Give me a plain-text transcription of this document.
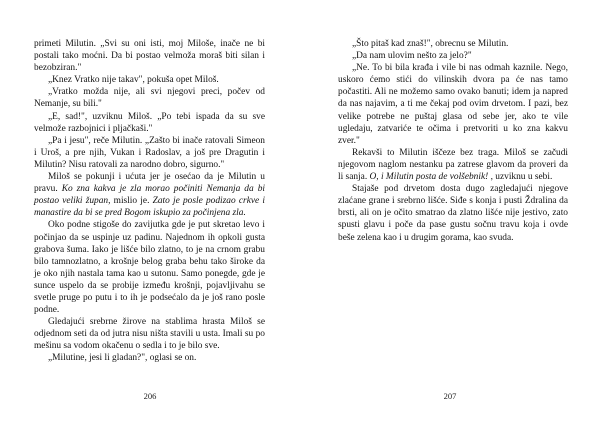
primeti Milutin. „Svi su oni isti, moj Miloše, inače ne bi postali tako moćni. Da bi postao velmoža moraš biti silan i bezobziran."

„Knez Vratko nije takav", pokuša opet Miloš.

„Vratko možda nije, ali svi njegovi preci, počev od Nemanje, su bili."

„E, sad!", uzviknu Miloš. „Po tebi ispada da su sve velmože razbojnici i pljačkaši."

„Pa i jesu", reče Milutin. „Zašto bi inače ratovali Simeon i Uroš, a pre njih, Vukan i Radoslav, a još pre Dragutin i Milutin? Nisu ratovali za narodno dobro, sigurno."

Miloš se pokunji i ućuta jer je osećao da je Milutin u pravu. Ko zna kakva je zla morao počiniti Nemanja da bi postao veliki župan, mislio je. Zato je posle podizao crkve i manastire da bi se pred Bogom iskupio za počinjena zla.

Oko podne stigoše do zavijutka gde je put skretao levo i počinjao da se uspinje uz padinu. Najednom ih opkoli gusta grabova šuma. Iako je lišće bilo zlatno, to je na crnom grabu bilo tamnozlatno, a krošnje belog graba behu tako široke da je oko njih nastala tama kao u sutonu. Samo ponegde, gde je sunce uspelo da se probije između krošnji, pojavljivahu se svetle pruge po putu i to ih je podsećalo da je još rano posle podne.

Gledajući srebrne žirove na stablima hrasta Miloš se odjednom seti da od jutra nisu ništa stavili u usta. Imali su po mešinu sa vodom okačenu o sedla i to je bilo sve.

„Milutine, jesi li gladan?", oglasi se on.

206

„Što pitaš kad znaš!", obrecnu se Milutin.

„Da nam ulovim nešto za jelo?"

„Ne. To bi bila krađa i vile bi nas odmah kaznile. Nego, uskoro ćemo stići do vilinskih dvora pa će nas tamo počastiti. Ali ne možemo samo ovako banuti; idem ja napred da nas najavim, a ti me čekaj pod ovim drvetom. I pazi, bez velike potrebe ne puštaj glasa od sebe jer, ako te vile ugledaju, zatvariće te očima i pretvoriti u ko zna kakvu zver."

Rekavši to Milutin iščeze bez traga. Miloš se začudi njegovom naglom nestanku pa zatrese glavom da proveri da li sanja. O, i Milutin posta de volšebnik! , uzviknu u sebi.

Stajaše pod drvetom dosta dugo zagledajući njegove zlaćane grane i srebrno lišće. Siđe s konja i pusti Ždralina da brsti, ali on je očito smatrao da zlatno lišće nije jestivo, zato spusti glavu i poče da pase gustu sočnu travu koja i ovde beše zelena kao i u drugim gorama, kao svuda.

207
